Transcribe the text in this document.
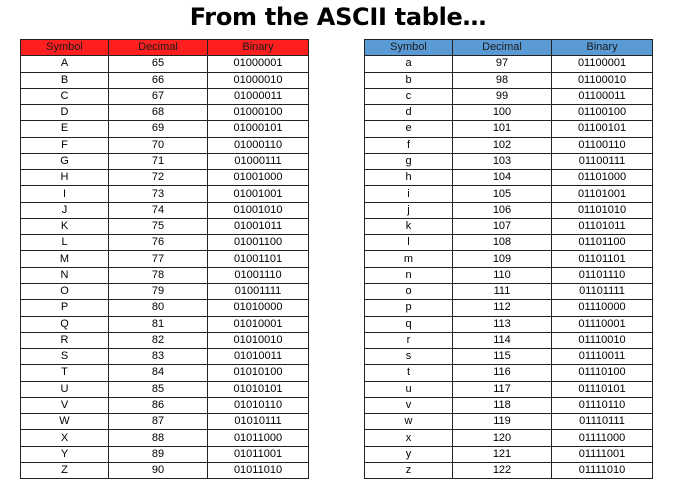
From the ASCII table…
Symbol	Decimal	Binary
A	65	01000001
B	66	01000010
C	67	01000011
D	68	01000100
E	69	01000101
F	70	01000110
G	71	01000111
H	72	01001000
I	73	01001001
J	74	01001010
K	75	01001011
L	76	01001100
M	77	01001101
N	78	01001110
O	79	01001111
P	80	01010000
Q	81	01010001
R	82	01010010
S	83	01010011
T	84	01010100
U	85	01010101
V	86	01010110
W	87	01010111
X	88	01011000
Y	89	01011001
Z	90	01011010
Symbol	Decimal	Binary
a	97	01100001
b	98	01100010
c	99	01100011
d	100	01100100
e	101	01100101
f	102	01100110
g	103	01100111
h	104	01101000
i	105	01101001
j	106	01101010
k	107	01101011
l	108	01101100
m	109	01101101
n	110	01101110
o	111	01101111
p	112	01110000
q	113	01110001
r	114	01110010
s	115	01110011
t	116	01110100
u	117	01110101
v	118	01110110
w	119	01110111
x	120	01111000
y	121	01111001
z	122	01111010
